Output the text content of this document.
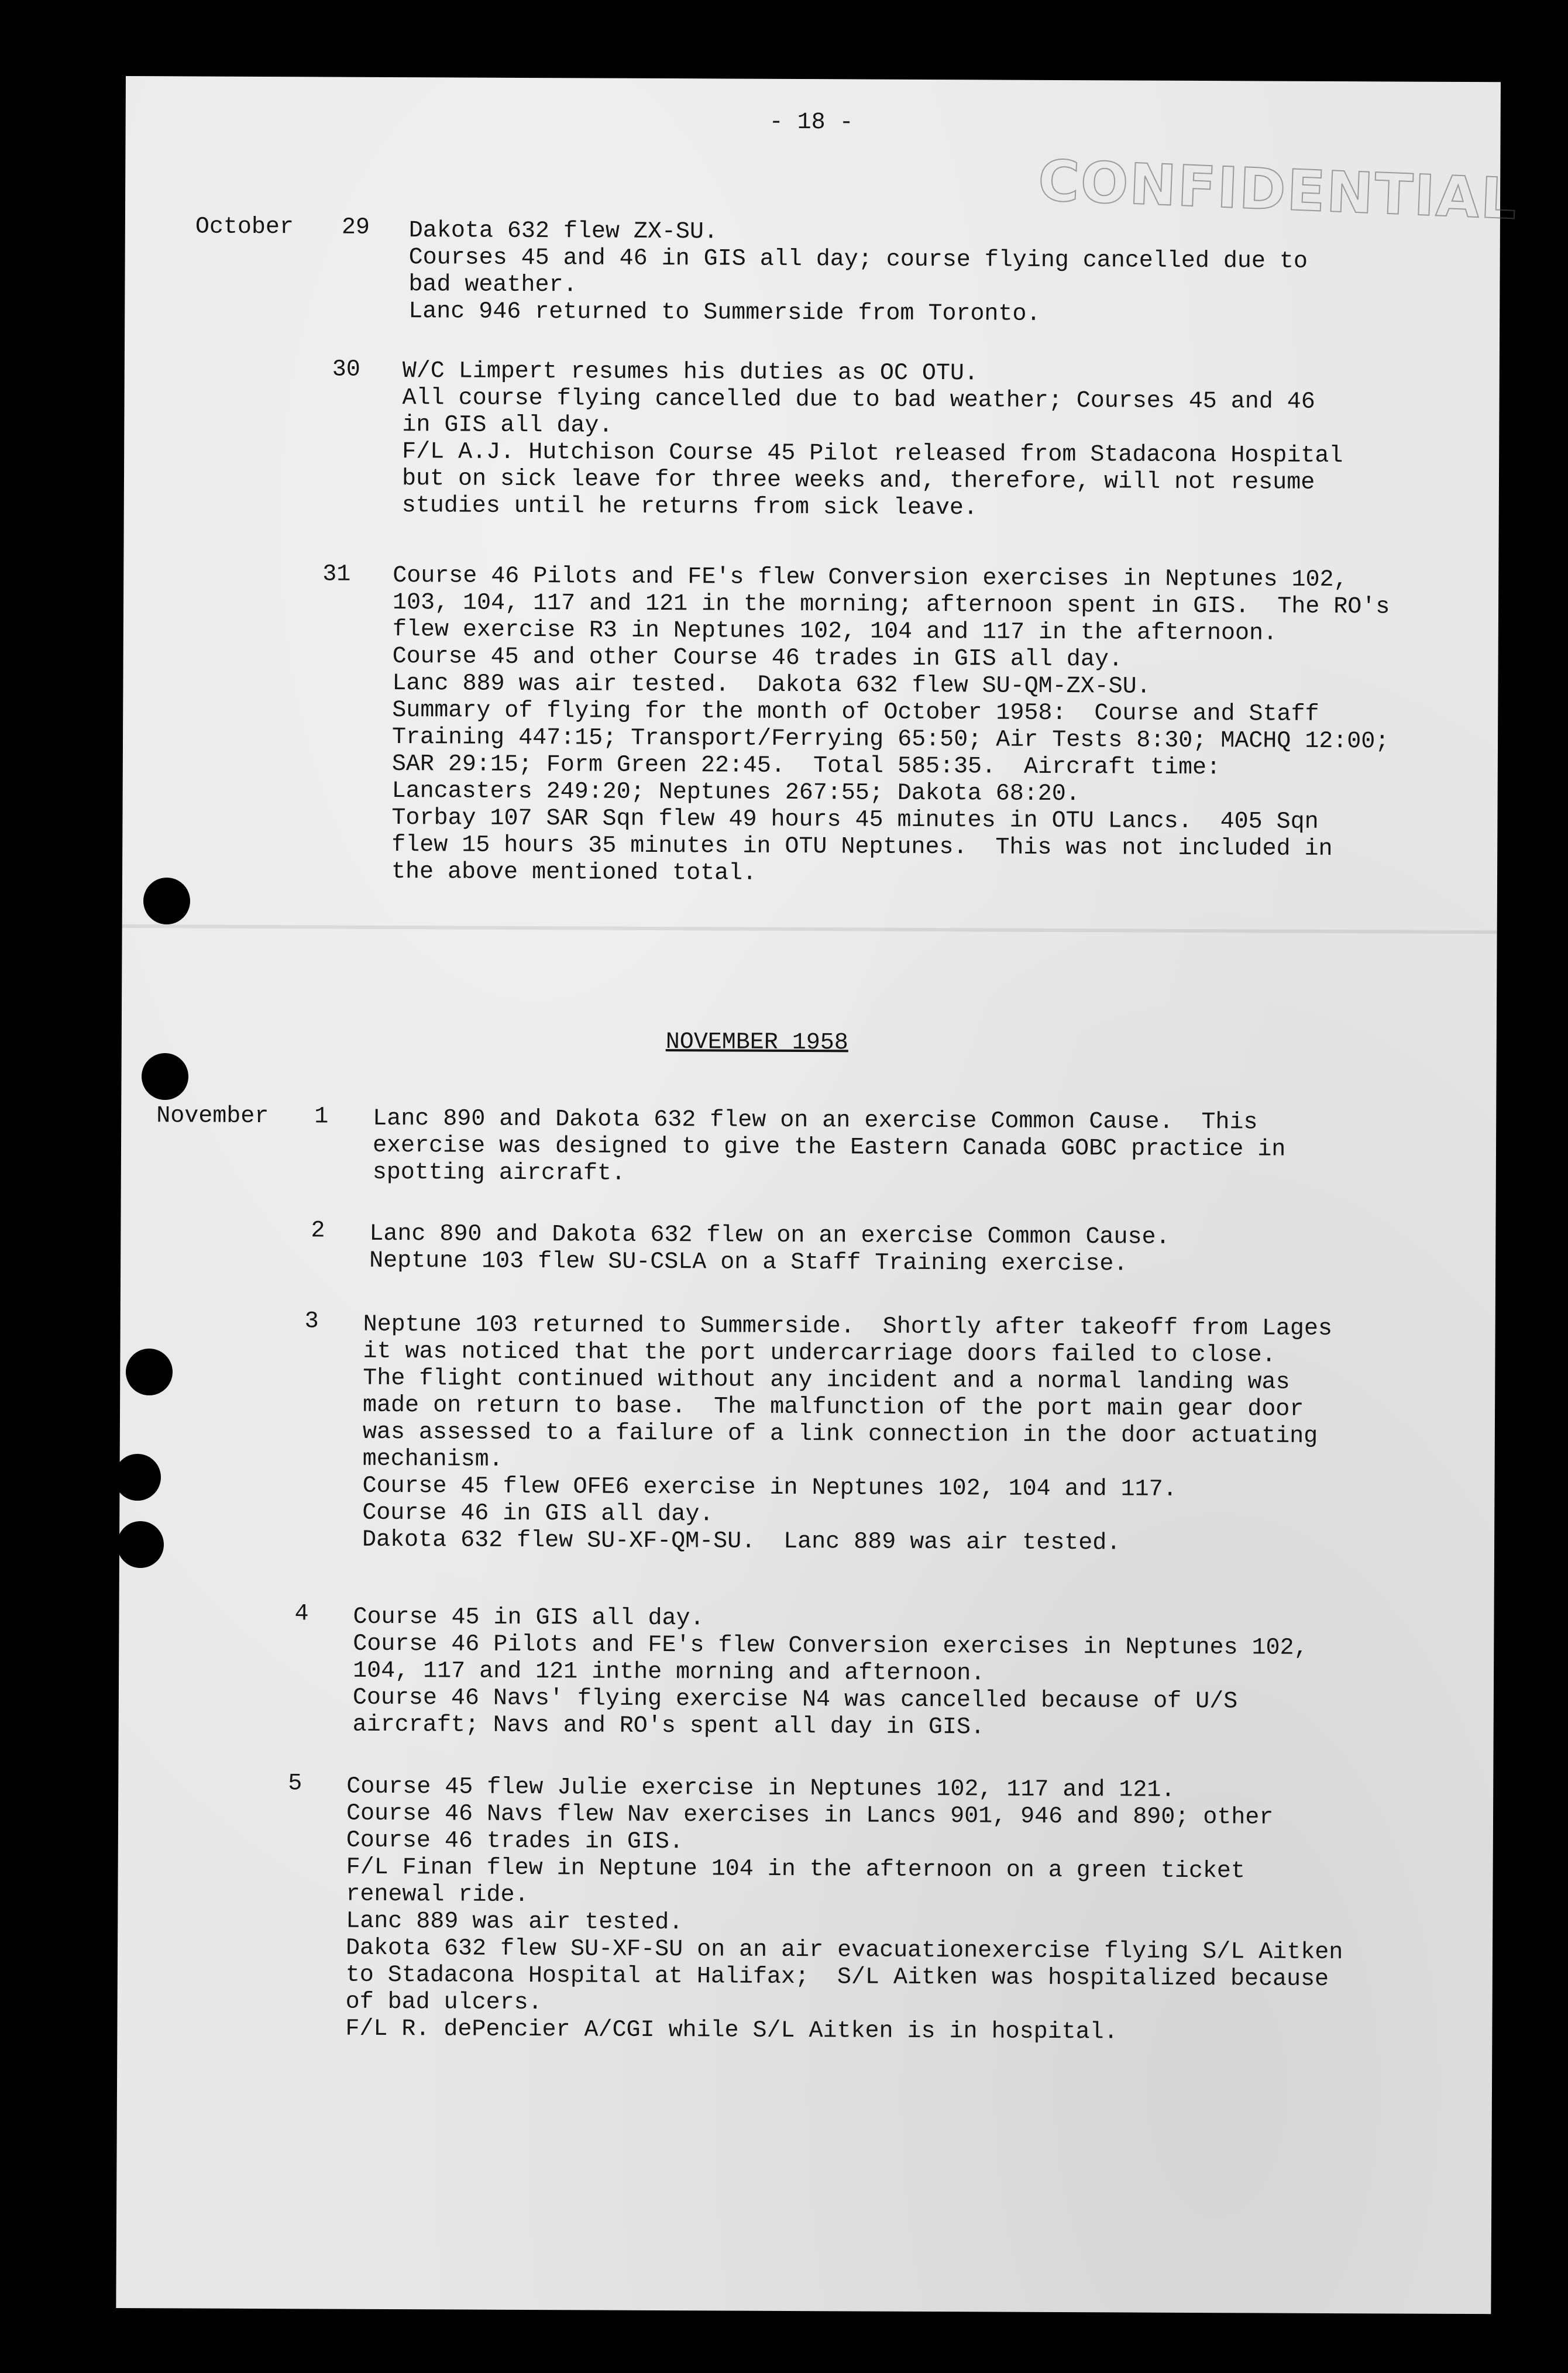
- 18 -
CONFIDENTIAL
October 29 Dakota 632 flew ZX-SU.
Courses 45 and 46 in GIS all day; course flying cancelled due to
bad weather.
Lanc 946 returned to Summerside from Toronto.
30 W/C Limpert resumes his duties as OC OTU.
All course flying cancelled due to bad weather; Courses 45 and 46
in GIS all day.
F/L A.J. Hutchison Course 45 Pilot released from Stadacona Hospital
but on sick leave for three weeks and, therefore, will not resume
studies until he returns from sick leave.
31 Course 46 Pilots and FE's flew Conversion exercises in Neptunes 102,
103, 104, 117 and 121 in the morning; afternoon spent in GIS.  The RO's
flew exercise R3 in Neptunes 102, 104 and 117 in the afternoon.
Course 45 and other Course 46 trades in GIS all day.
Lanc 889 was air tested.  Dakota 632 flew SU-QM-ZX-SU.
Summary of flying for the month of October 1958:  Course and Staff
Training 447:15; Transport/Ferrying 65:50; Air Tests 8:30; MACHQ 12:00;
SAR 29:15; Form Green 22:45.  Total 585:35.  Aircraft time:
Lancasters 249:20; Neptunes 267:55; Dakota 68:20.
Torbay 107 SAR Sqn flew 49 hours 45 minutes in OTU Lancs.  405 Sqn
flew 15 hours 35 minutes in OTU Neptunes.  This was not included in
the above mentioned total.
NOVEMBER 1958
November 1 Lanc 890 and Dakota 632 flew on an exercise Common Cause.  This
exercise was designed to give the Eastern Canada GOBC practice in
spotting aircraft.
2 Lanc 890 and Dakota 632 flew on an exercise Common Cause.
Neptune 103 flew SU-CSLA on a Staff Training exercise.
3 Neptune 103 returned to Summerside.  Shortly after takeoff from Lages
it was noticed that the port undercarriage doors failed to close.
The flight continued without any incident and a normal landing was
made on return to base.  The malfunction of the port main gear door
was assessed to a failure of a link connection in the door actuating
mechanism.
Course 45 flew OFE6 exercise in Neptunes 102, 104 and 117.
Course 46 in GIS all day.
Dakota 632 flew SU-XF-QM-SU.  Lanc 889 was air tested.
4 Course 45 in GIS all day.
Course 46 Pilots and FE's flew Conversion exercises in Neptunes 102,
104, 117 and 121 inthe morning and afternoon.
Course 46 Navs' flying exercise N4 was cancelled because of U/S
aircraft; Navs and RO's spent all day in GIS.
5 Course 45 flew Julie exercise in Neptunes 102, 117 and 121.
Course 46 Navs flew Nav exercises in Lancs 901, 946 and 890; other
Course 46 trades in GIS.
F/L Finan flew in Neptune 104 in the afternoon on a green ticket
renewal ride.
Lanc 889 was air tested.
Dakota 632 flew SU-XF-SU on an air evacuationexercise flying S/L Aitken
to Stadacona Hospital at Halifax;  S/L Aitken was hospitalized because
of bad ulcers.
F/L R. dePencier A/CGI while S/L Aitken is in hospital.
